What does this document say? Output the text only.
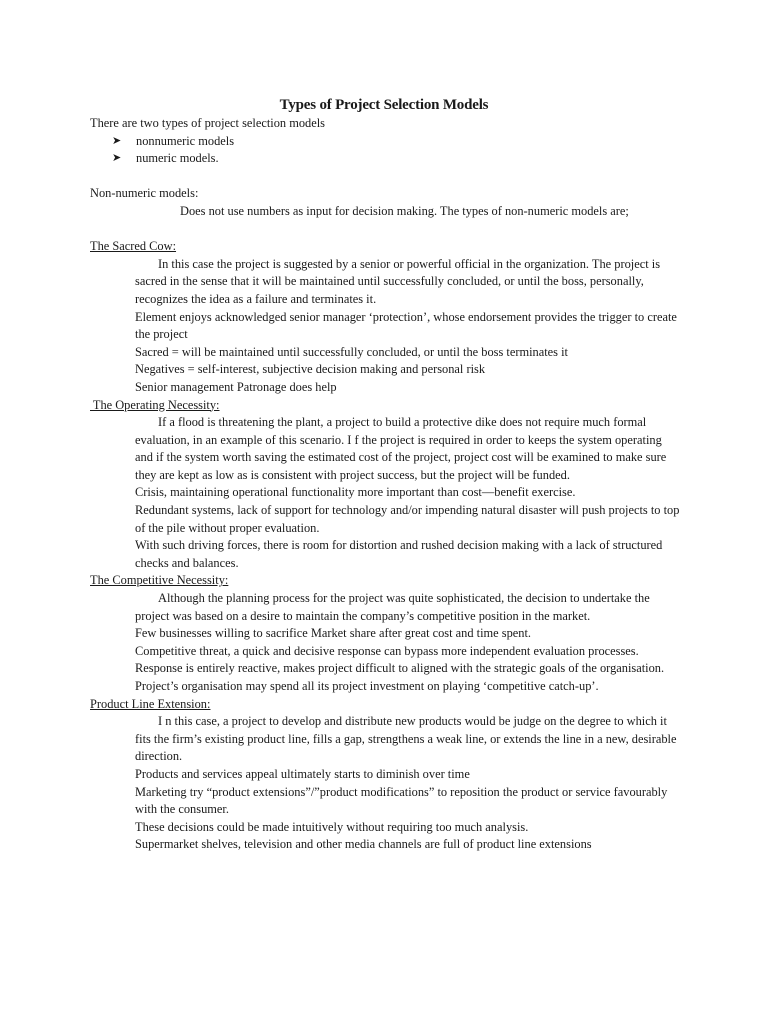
Types of Project Selection Models
There are two types of project selection models
➤	nonnumeric models
➤	numeric models.
Non-numeric models:
Does not use numbers as input for decision making. The types of non-numeric models are;
The Sacred Cow:
In this case the project is suggested by a senior or powerful official in the organization. The project is sacred in the sense that it will be maintained until successfully concluded, or until the boss, personally, recognizes the idea as a failure and terminates it.
Element enjoys acknowledged senior manager ‘protection’, whose endorsement provides the trigger to create the project
Sacred = will be maintained until successfully concluded, or until the boss terminates it
Negatives = self-interest, subjective decision making and personal risk
Senior management Patronage does help
The Operating Necessity:
If a flood is threatening the plant, a project to build a protective dike does not require much formal evaluation, in an example of this scenario. I f the project is required in order to keeps the system operating and if the system worth saving the estimated cost of the project, project cost will be examined to make sure they are kept as low as is consistent with project success, but the project will be funded.
Crisis, maintaining operational functionality more important than cost—benefit exercise.
Redundant systems, lack of support for technology and/or impending natural disaster will push projects to top of the pile without proper evaluation.
With such driving forces, there is room for distortion and rushed decision making with a lack of structured checks and balances.
The Competitive Necessity:
Although the planning process for the project was quite sophisticated, the decision to undertake the project was based on a desire to maintain the company’s competitive position in the market.
Few businesses willing to sacrifice Market share after great cost and time spent.
Competitive threat, a quick and decisive response can bypass more independent evaluation processes.
Response is entirely reactive, makes project difficult to aligned with the strategic goals of the organisation.
Project’s organisation may spend all its project investment on playing ‘competitive catch-up’.
Product Line Extension:
I n this case, a project to develop and distribute new products would be judge on the degree to which it fits the firm’s existing product line, fills a gap, strengthens a weak line, or extends the line in a new, desirable direction.
Products and services appeal ultimately starts to diminish over time
Marketing try “product extensions”/”product modifications” to reposition the product or service favourably with the consumer.
These decisions could be made intuitively without requiring too much analysis.
Supermarket shelves, television and other media channels are full of product line extensions
